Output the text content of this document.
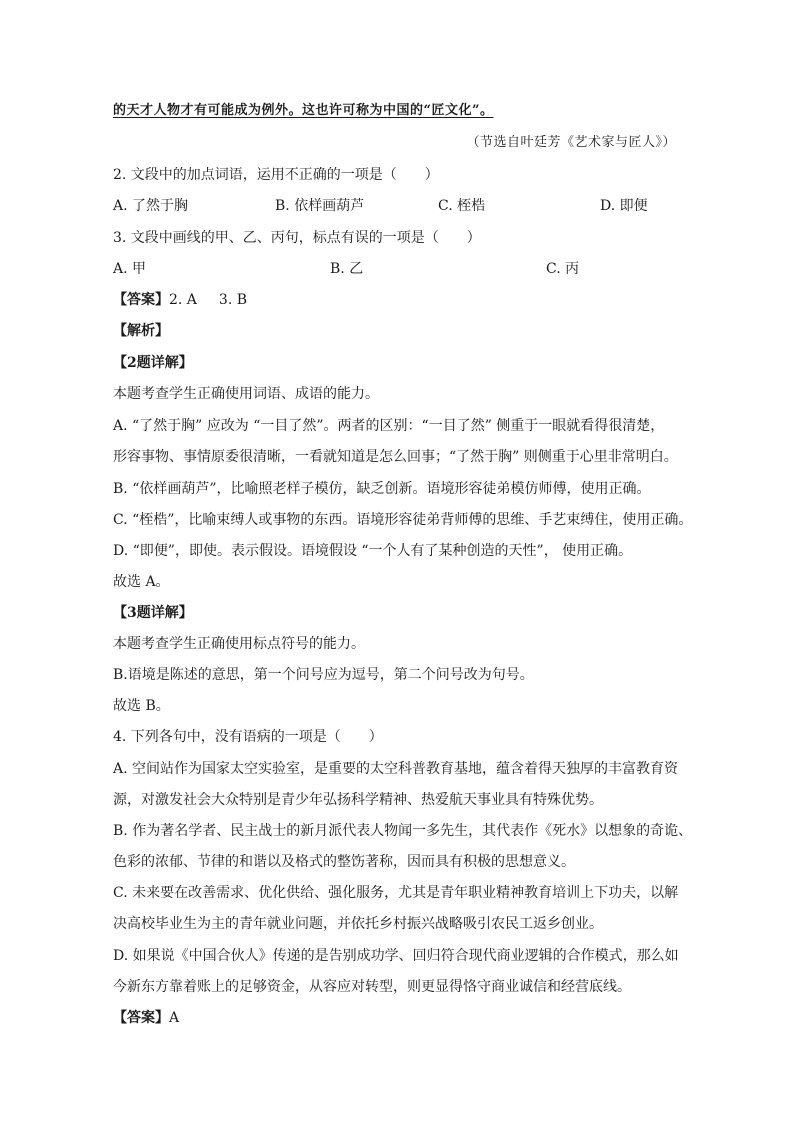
的天才人物才有可能成为例外。这也许可称为中国的“匠文化”。
（节选自叶廷芳《艺术家与匠人》）
2. 文段中的加点词语，运用不正确的一项是（　　）
A. 了然于胸	B. 依样画葫芦	C. 桎梏	D. 即便
3. 文段中画线的甲、乙、丙句，标点有误的一项是（　　）
A. 甲	B. 乙	C. 丙
【答案】2. A 3. B
【解析】
【2题详解】
本题考查学生正确使用词语、成语的能力。
A. “了然于胸” 应改为 “一目了然”。两者的区别：“一目了然” 侧重于一眼就看得很清楚，
形容事物、事情原委很清晰，一看就知道是怎么回事；“了然于胸” 则侧重于心里非常明白。
B. “依样画葫芦”，比喻照老样子模仿，缺乏创新。语境形容徒弟模仿师傅，使用正确。
C. “桎梏”，比喻束缚人或事物的东西。语境形容徒弟背师傅的思维、手艺束缚住，使用正确。
D. “即便”，即使。表示假设。语境假设 “一个人有了某种创造的天性”， 使用正确。
故选 A。
【3题详解】
本题考查学生正确使用标点符号的能力。
B.语境是陈述的意思，第一个问号应为逗号，第二个问号改为句号。
故选 B。
4. 下列各句中，没有语病的一项是（　　）
A. 空间站作为国家太空实验室，是重要的太空科普教育基地，蕴含着得天独厚的丰富教育资
源，对激发社会大众特别是青少年弘扬科学精神、热爱航天事业具有特殊优势。
B. 作为著名学者、民主战士的新月派代表人物闻一多先生，其代表作《死水》以想象的奇诡、
色彩的浓郁、节律的和谐以及格式的整饬著称，因而具有积极的思想意义。
C. 未来要在改善需求、优化供给、强化服务，尤其是青年职业精神教育培训上下功夫，以解
决高校毕业生为主的青年就业问题，并依托乡村振兴战略吸引农民工返乡创业。
D. 如果说《中国合伙人》传递的是告别成功学、回归符合现代商业逻辑的合作模式，那么如
今新东方靠着账上的足够资金，从容应对转型，则更显得恪守商业诚信和经营底线。
【答案】A
